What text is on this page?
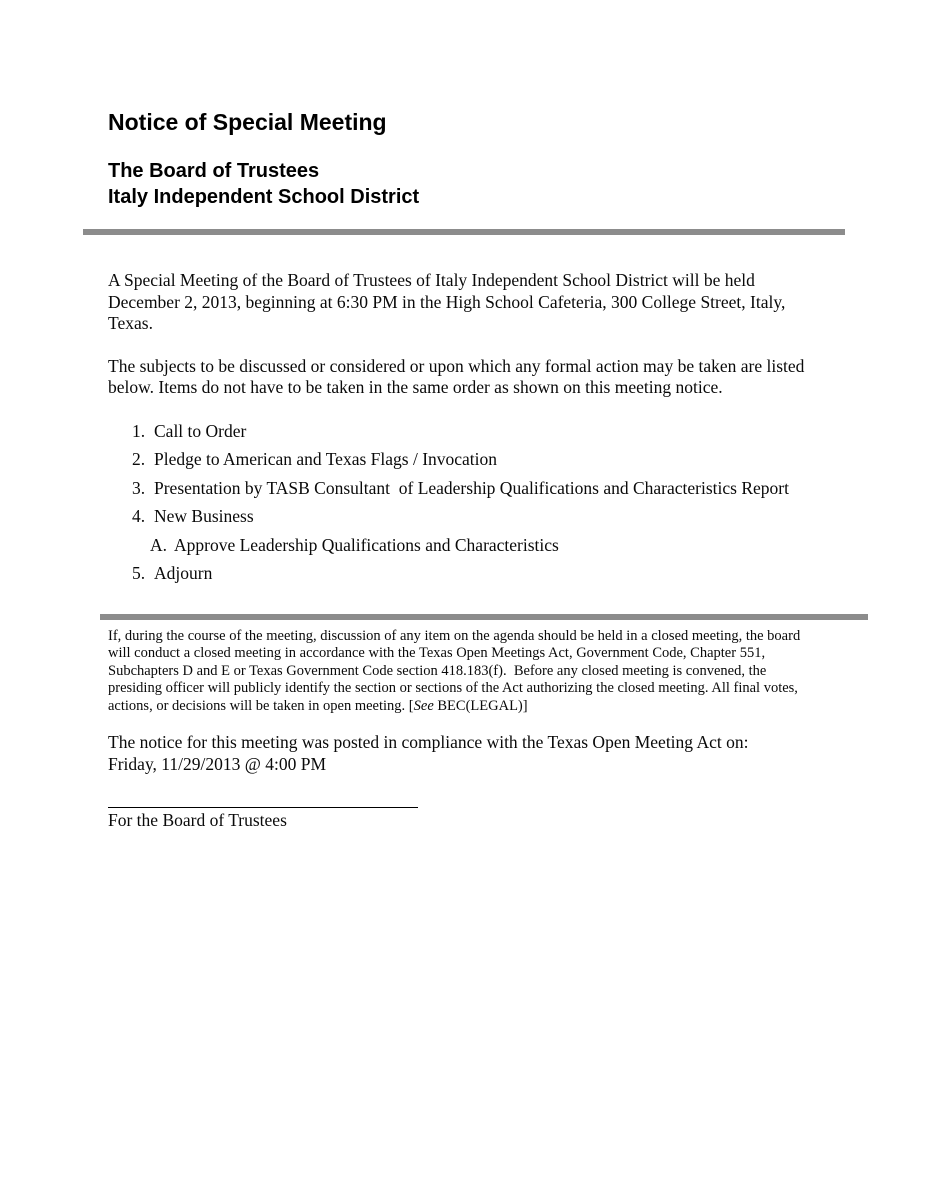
Notice of Special Meeting
The Board of Trustees
Italy Independent School District

A Special Meeting of the Board of Trustees of Italy Independent School District will be held December 2, 2013, beginning at 6:30 PM in the High School Cafeteria, 300 College Street, Italy, Texas.

The subjects to be discussed or considered or upon which any formal action may be taken are listed below. Items do not have to be taken in the same order as shown on this meeting notice.

1. Call to Order
2. Pledge to American and Texas Flags / Invocation
3. Presentation by TASB Consultant  of Leadership Qualifications and Characteristics Report
4. New Business
A. Approve Leadership Qualifications and Characteristics
5. Adjourn

If, during the course of the meeting, discussion of any item on the agenda should be held in a closed meeting, the board will conduct a closed meeting in accordance with the Texas Open Meetings Act, Government Code, Chapter 551, Subchapters D and E or Texas Government Code section 418.183(f).  Before any closed meeting is convened, the presiding officer will publicly identify the section or sections of the Act authorizing the closed meeting. All final votes, actions, or decisions will be taken in open meeting. [See BEC(LEGAL)]

The notice for this meeting was posted in compliance with the Texas Open Meeting Act on:
Friday, 11/29/2013 @ 4:00 PM

For the Board of Trustees
